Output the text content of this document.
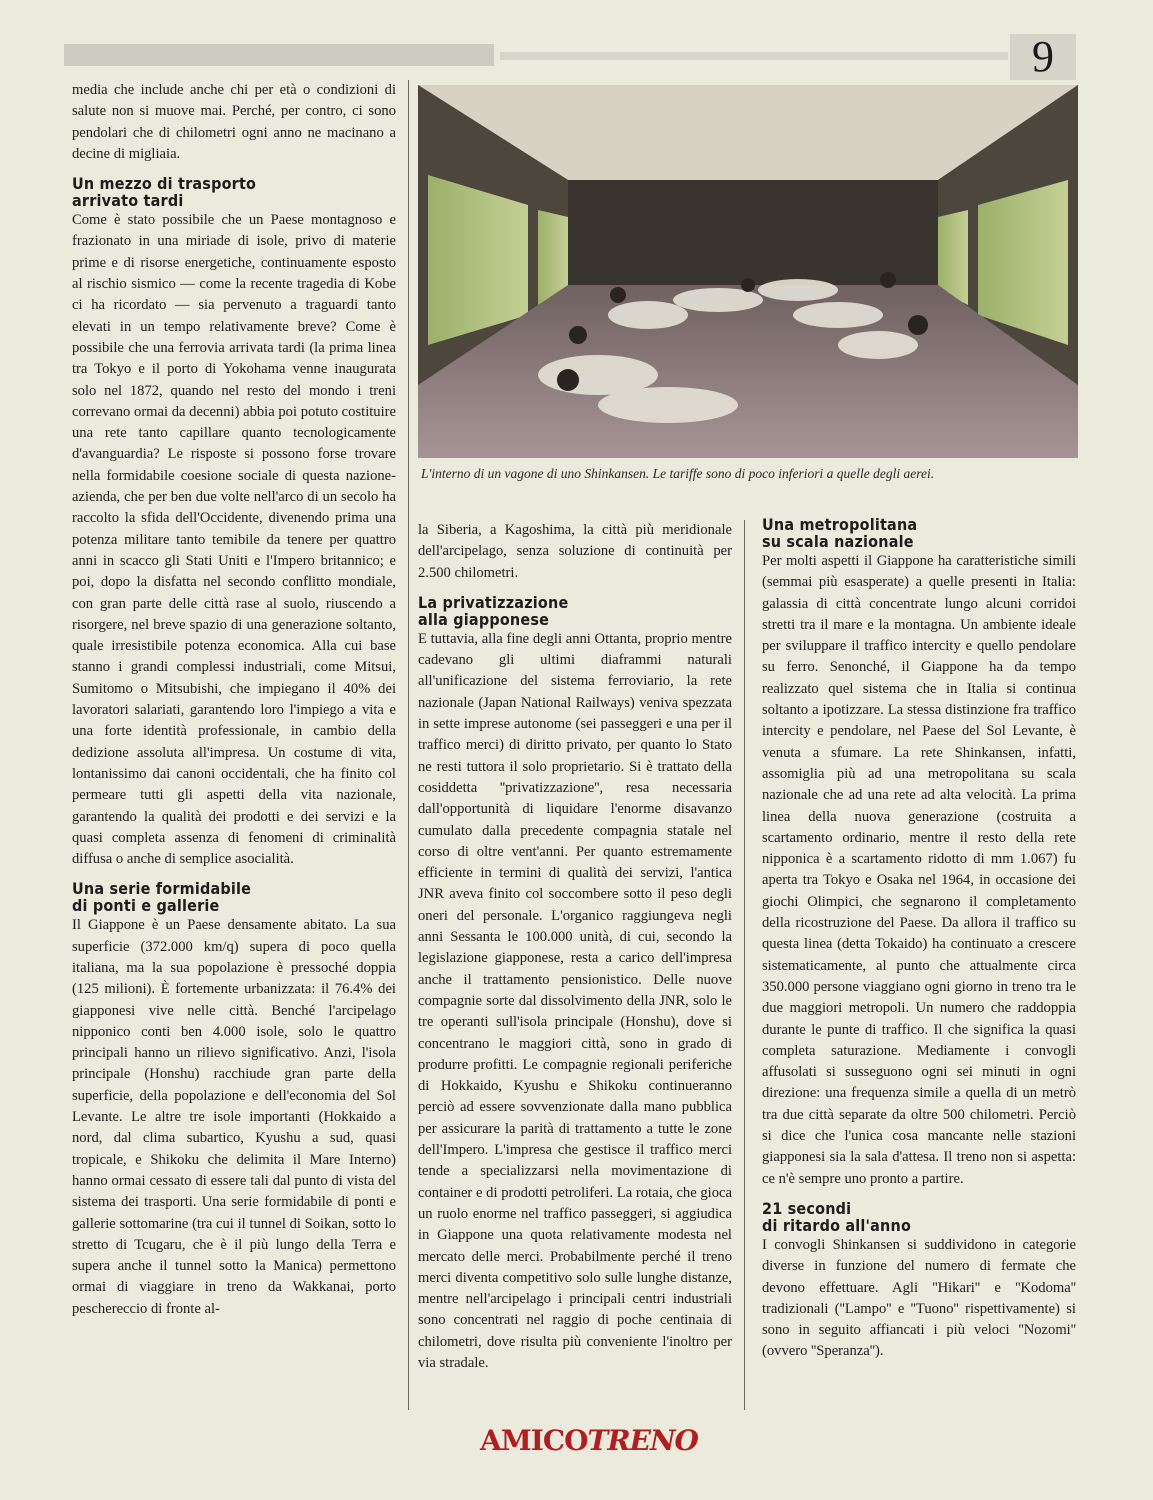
9

media che include anche chi per età o condizioni di salute non si muove mai. Perché, per contro, ci sono pendolari che di chilometri ogni anno ne macinano a decine di migliaia.

Un mezzo di trasporto
arrivato tardi

Come è stato possibile che un Paese montagnoso e frazionato in una miriade di isole, privo di materie prime e di risorse energetiche, continuamente esposto al rischio sismico — come la recente tragedia di Kobe ci ha ricordato — sia pervenuto a traguardi tanto elevati in un tempo relativamente breve? Come è possibile che una ferrovia arrivata tardi (la prima linea tra Tokyo e il porto di Yokohama venne inaugurata solo nel 1872, quando nel resto del mondo i treni correvano ormai da decenni) abbia poi potuto costituire una rete tanto capillare quanto tecnologicamente d'avanguardia? Le risposte si possono forse trovare nella formidabile coesione sociale di questa nazione-azienda, che per ben due volte nell'arco di un secolo ha raccolto la sfida dell'Occidente, divenendo prima una potenza militare tanto temibile da tenere per quattro anni in scacco gli Stati Uniti e l'Impero britannico; e poi, dopo la disfatta nel secondo conflitto mondiale, con gran parte delle città rase al suolo, riuscendo a risorgere, nel breve spazio di una generazione soltanto, quale irresistibile potenza economica. Alla cui base stanno i grandi complessi industriali, come Mitsui, Sumitomo o Mitsubishi, che impiegano il 40% dei lavoratori salariati, garantendo loro l'impiego a vita e una forte identità professionale, in cambio della dedizione assoluta all'impresa. Un costume di vita, lontanissimo dai canoni occidentali, che ha finito col permeare tutti gli aspetti della vita nazionale, garantendo la qualità dei prodotti e dei servizi e la quasi completa assenza di fenomeni di criminalità diffusa o anche di semplice asocialità.

Una serie formidabile
di ponti e gallerie

Il Giappone è un Paese densamente abitato. La sua superficie (372.000 km/q) supera di poco quella italiana, ma la sua popolazione è pressoché doppia (125 milioni). È fortemente urbanizzata: il 76.4% dei giapponesi vive nelle città. Benché l'arcipelago nipponico conti ben 4.000 isole, solo le quattro principali hanno un rilievo significativo. Anzi, l'isola principale (Honshu) racchiude gran parte della superficie, della popolazione e dell'economia del Sol Levante. Le altre tre isole importanti (Hokkaido a nord, dal clima subartico, Kyushu a sud, quasi tropicale, e Shikoku che delimita il Mare Interno) hanno ormai cessato di essere tali dal punto di vista del sistema dei trasporti. Una serie formidabile di ponti e gallerie sottomarine (tra cui il tunnel di Soikan, sotto lo stretto di Tcugaru, che è il più lungo della Terra e supera anche il tunnel sotto la Manica) permettono ormai di viaggiare in treno da Wakkanai, porto peschereccio di fronte al-

L'interno di un vagone di uno Shinkansen. Le tariffe sono di poco inferiori a quelle degli aerei.

la Siberia, a Kagoshima, la città più meridionale dell'arcipelago, senza soluzione di continuità per 2.500 chilometri.

La privatizzazione
alla giapponese

E tuttavia, alla fine degli anni Ottanta, proprio mentre cadevano gli ultimi diaframmi naturali all'unificazione del sistema ferroviario, la rete nazionale (Japan National Railways) veniva spezzata in sette imprese autonome (sei passeggeri e una per il traffico merci) di diritto privato, per quanto lo Stato ne resti tuttora il solo proprietario. Si è trattato della cosiddetta ''privatizzazione'', resa necessaria dall'opportunità di liquidare l'enorme disavanzo cumulato dalla precedente compagnia statale nel corso di oltre vent'anni. Per quanto estremamente efficiente in termini di qualità dei servizi, l'antica JNR aveva finito col soccombere sotto il peso degli oneri del personale. L'organico raggiungeva negli anni Sessanta le 100.000 unità, di cui, secondo la legislazione giapponese, resta a carico dell'impresa anche il trattamento pensionistico. Delle nuove compagnie sorte dal dissolvimento della JNR, solo le tre operanti sull'isola principale (Honshu), dove si concentrano le maggiori città, sono in grado di produrre profitti. Le compagnie regionali periferiche di Hokkaido, Kyushu e Shikoku continueranno perciò ad essere sovvenzionate dalla mano pubblica per assicurare la parità di trattamento a tutte le zone dell'Impero. L'impresa che gestisce il traffico merci tende a specializzarsi nella movimentazione di container e di prodotti petroliferi. La rotaia, che gioca un ruolo enorme nel traffico passeggeri, si aggiudica in Giappone una quota relativamente modesta nel mercato delle merci. Probabilmente perché il treno merci diventa competitivo solo sulle lunghe distanze, mentre nell'arcipelago i principali centri industriali sono concentrati nel raggio di poche centinaia di chilometri, dove risulta più conveniente l'inoltro per via stradale.

Una metropolitana
su scala nazionale

Per molti aspetti il Giappone ha caratteristiche simili (semmai più esasperate) a quelle presenti in Italia: galassia di città concentrate lungo alcuni corridoi stretti tra il mare e la montagna. Un ambiente ideale per sviluppare il traffico intercity e quello pendolare su ferro. Senonché, il Giappone ha da tempo realizzato quel sistema che in Italia si continua soltanto a ipotizzare. La stessa distinzione fra traffico intercity e pendolare, nel Paese del Sol Levante, è venuta a sfumare. La rete Shinkansen, infatti, assomiglia più ad una metropolitana su scala nazionale che ad una rete ad alta velocità. La prima linea della nuova generazione (costruita a scartamento ordinario, mentre il resto della rete nipponica è a scartamento ridotto di mm 1.067) fu aperta tra Tokyo e Osaka nel 1964, in occasione dei giochi Olimpici, che segnarono il completamento della ricostruzione del Paese. Da allora il traffico su questa linea (detta Tokaido) ha continuato a crescere sistematicamente, al punto che attualmente circa 350.000 persone viaggiano ogni giorno in treno tra le due maggiori metropoli. Un numero che raddoppia durante le punte di traffico. Il che significa la quasi completa saturazione. Mediamente i convogli affusolati si susseguono ogni sei minuti in ogni direzione: una frequenza simile a quella di un metrò tra due città separate da oltre 500 chilometri. Perciò si dice che l'unica cosa mancante nelle stazioni giapponesi sia la sala d'attesa. Il treno non si aspetta: ce n'è sempre uno pronto a partire.

21 secondi
di ritardo all'anno

I convogli Shinkansen si suddividono in categorie diverse in funzione del numero di fermate che devono effettuare. Agli ''Hikari'' e ''Kodoma'' tradizionali (''Lampo'' e ''Tuono'' rispettivamente) si sono in seguito affiancati i più veloci ''Nozomi'' (ovvero ''Speranza'').

AMICOTRENO
